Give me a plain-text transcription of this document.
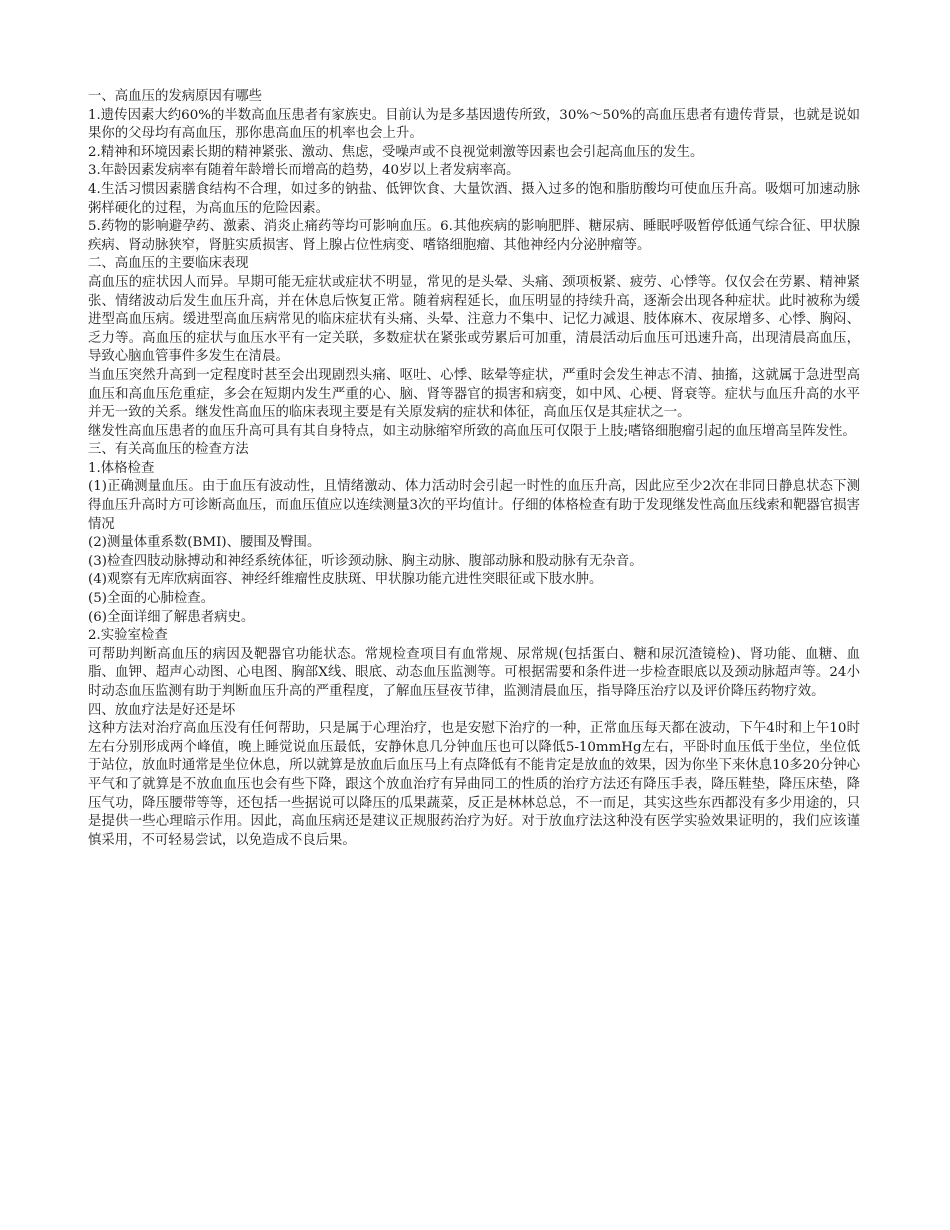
一、高血压的发病原因有哪些

1.遗传因素大约60%的半数高血压患者有家族史。目前认为是多基因遗传所致，30%～50%的高血压患者有遗传背景，也就是说如果你的父母均有高血压，那你患高血压的机率也会上升。

2.精神和环境因素长期的精神紧张、激动、焦虑，受噪声或不良视觉刺激等因素也会引起高血压的发生。

3.年龄因素发病率有随着年龄增长而增高的趋势，40岁以上者发病率高。

4.生活习惯因素膳食结构不合理，如过多的钠盐、低钾饮食、大量饮酒、摄入过多的饱和脂肪酸均可使血压升高。吸烟可加速动脉粥样硬化的过程，为高血压的危险因素。

5.药物的影响避孕药、激素、消炎止痛药等均可影响血压。6.其他疾病的影响肥胖、糖尿病、睡眠呼吸暂停低通气综合征、甲状腺疾病、肾动脉狭窄，肾脏实质损害、肾上腺占位性病变、嗜铬细胞瘤、其他神经内分泌肿瘤等。

二、高血压的主要临床表现

高血压的症状因人而异。早期可能无症状或症状不明显，常见的是头晕、头痛、颈项板紧、疲劳、心悸等。仅仅会在劳累、精神紧张、情绪波动后发生血压升高，并在休息后恢复正常。随着病程延长，血压明显的持续升高，逐渐会出现各种症状。此时被称为缓进型高血压病。缓进型高血压病常见的临床症状有头痛、头晕、注意力不集中、记忆力减退、肢体麻木、夜尿增多、心悸、胸闷、乏力等。高血压的症状与血压水平有一定关联，多数症状在紧张或劳累后可加重，清晨活动后血压可迅速升高，出现清晨高血压，导致心脑血管事件多发生在清晨。

当血压突然升高到一定程度时甚至会出现剧烈头痛、呕吐、心悸、眩晕等症状，严重时会发生神志不清、抽搐，这就属于急进型高血压和高血压危重症，多会在短期内发生严重的心、脑、肾等器官的损害和病变，如中风、心梗、肾衰等。症状与血压升高的水平并无一致的关系。继发性高血压的临床表现主要是有关原发病的症状和体征，高血压仅是其症状之一。

继发性高血压患者的血压升高可具有其自身特点，如主动脉缩窄所致的高血压可仅限于上肢;嗜铬细胞瘤引起的血压增高呈阵发性。

三、有关高血压的检查方法

1.体格检查

(1)正确测量血压。由于血压有波动性，且情绪激动、体力活动时会引起一时性的血压升高，因此应至少2次在非同日静息状态下测得血压升高时方可诊断高血压，而血压值应以连续测量3次的平均值计。仔细的体格检查有助于发现继发性高血压线索和靶器官损害情况

(2)测量体重系数(BMI)、腰围及臀围。

(3)检查四肢动脉搏动和神经系统体征，听诊颈动脉、胸主动脉、腹部动脉和股动脉有无杂音。

(4)观察有无库欣病面容、神经纤维瘤性皮肤斑、甲状腺功能亢进性突眼征或下肢水肿。

(5)全面的心肺检查。

(6)全面详细了解患者病史。

2.实验室检查

可帮助判断高血压的病因及靶器官功能状态。常规检查项目有血常规、尿常规(包括蛋白、糖和尿沉渣镜检)、肾功能、血糖、血脂、血钾、超声心动图、心电图、胸部X线、眼底、动态血压监测等。可根据需要和条件进一步检查眼底以及颈动脉超声等。24小时动态血压监测有助于判断血压升高的严重程度，了解血压昼夜节律，监测清晨血压，指导降压治疗以及评价降压药物疗效。

四、放血疗法是好还是坏

这种方法对治疗高血压没有任何帮助，只是属于心理治疗，也是安慰下治疗的一种，正常血压每天都在波动，下午4时和上午10时左右分别形成两个峰值，晚上睡觉说血压最低，安静休息几分钟血压也可以降低5-10mmHg左右，平卧时血压低于坐位，坐位低于站位，放血时通常是坐位休息，所以就算是放血后血压马上有点降低有不能肯定是放血的效果，因为你坐下来休息10多20分钟心平气和了就算是不放血血压也会有些下降，跟这个放血治疗有异曲同工的性质的治疗方法还有降压手表，降压鞋垫，降压床垫，降压气功，降压腰带等等，还包括一些据说可以降压的瓜果蔬菜，反正是林林总总，不一而足，其实这些东西都没有多少用途的，只是提供一些心理暗示作用。因此，高血压病还是建议正规服药治疗为好。对于放血疗法这种没有医学实验效果证明的，我们应该谨慎采用，不可轻易尝试，以免造成不良后果。
